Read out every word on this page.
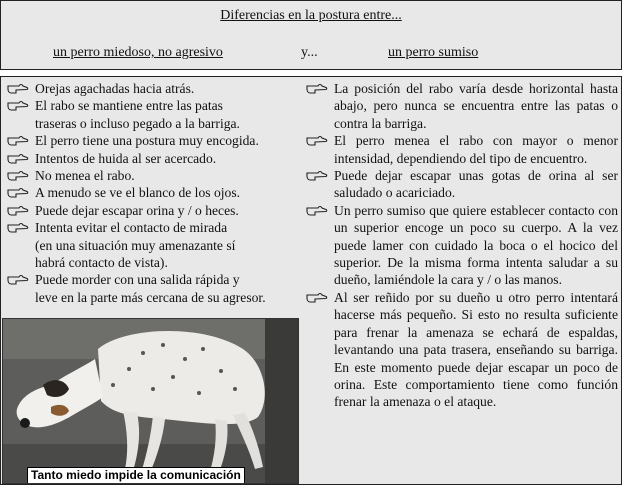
Diferencias en la postura entre...
un perro miedoso, no agresivo	y...	un perro sumiso
Orejas agachadas hacia atrás.
El rabo se mantiene entre las patas
traseras o incluso pegado a la barriga.
El perro tiene una postura muy encogida.
Intentos de huida al ser acercado.
No menea el rabo.
A menudo se ve el blanco de los ojos.
Puede dejar escapar orina y / o heces.
Intenta evitar el contacto de mirada
(en una situación muy amenazante sí
habrá contacto de vista).
Puede morder con una salida rápida y
leve en la parte más cercana de su agresor.
La posición del rabo varía desde horizontal hasta abajo, pero nunca se encuentra entre las patas o contra la barriga.
El perro menea el rabo con mayor o menor intensidad, dependiendo del tipo de encuentro.
Puede dejar escapar unas gotas de orina al ser saludado o acariciado.
Un perro sumiso que quiere establecer contacto con un superior encoge un poco su cuerpo. A la vez puede lamer con cuidado la boca o el hocico del superior. De la misma forma intenta saludar a su dueño, lamiéndole la cara y / o las manos.
Al ser reñido por su dueño u otro perro intentará hacerse más pequeño. Si esto no resulta suficiente para frenar la amenaza se echará de espaldas, levantando una pata trasera, enseñando su barriga. En este momento puede dejar escapar un poco de orina. Este comportamiento tiene como función frenar la amenaza o el ataque.
Tanto miedo impide la comunicación
